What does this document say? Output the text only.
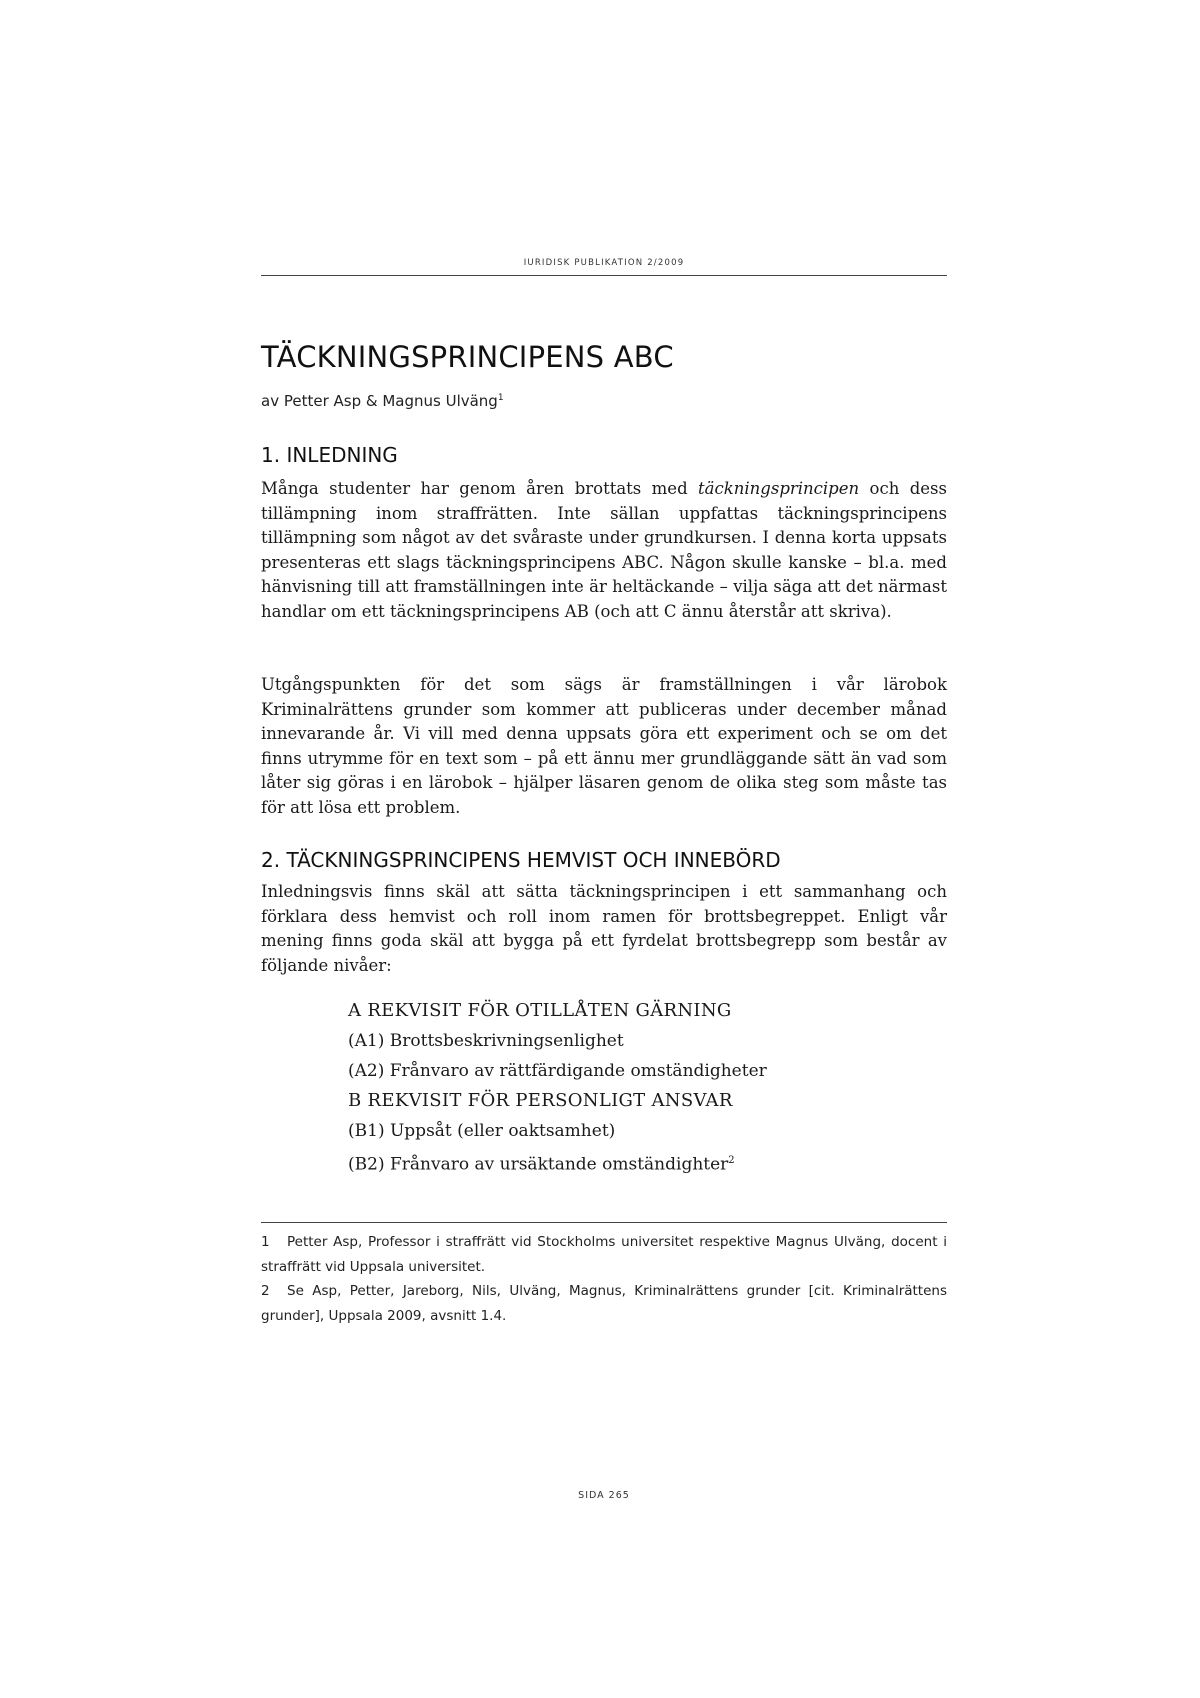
IURIDISK PUBLIKATION 2/2009
TÄCKNINGSPRINCIPENS ABC
av Petter Asp & Magnus Ulväng$^1$
1. INLEDNING

Många studenter har genom åren brottats med täckningsprincipen och dess tillämpning inom straffrätten. Inte sällan uppfattas täckningsprincipens tillämpning som något av det svåraste under grundkursen. I denna korta uppsats presenteras ett slags täckningsprincipens ABC. Någon skulle kanske – bl.a. med hänvisning till att framställningen inte är heltäckande – vilja säga att det närmast handlar om ett täckningsprincipens AB (och att C ännu återstår att skriva).

Utgångspunkten för det som sägs är framställningen i vår lärobok Kriminalrättens grunder som kommer att publiceras under december månad innevarande år. Vi vill med denna uppsats göra ett experiment och se om det finns utrymme för en text som – på ett ännu mer grundläggande sätt än vad som låter sig göras i en lärobok – hjälper läsaren genom de olika steg som måste tas för att lösa ett problem.

2. TÄCKNINGSPRINCIPENS HEMVIST OCH INNEBÖRD

Inledningsvis finns skäl att sätta täckningsprincipen i ett sammanhang och förklara dess hemvist och roll inom ramen för brottsbegreppet. Enligt vår mening finns goda skäl att bygga på ett fyrdelat brottsbegrepp som består av följande nivåer:

A REKVISIT FÖR OTILLÅTEN GÄRNING
(A1) Brottsbeskrivningsenlighet
(A2) Frånvaro av rättfärdigande omständigheter
B REKVISIT FÖR PERSONLIGT ANSVAR
(B1) Uppsåt (eller oaktsamhet)
(B2) Frånvaro av ursäktande omständighter$^2$

1 Petter Asp, Professor i straffrätt vid Stockholms universitet respektive Magnus Ulväng, docent i straffrätt vid Uppsala universitet.

2 Se Asp, Petter, Jareborg, Nils, Ulväng, Magnus, Kriminalrättens grunder [cit. Kriminalrättens grunder], Uppsala 2009, avsnitt 1.4.

SIDA 265
